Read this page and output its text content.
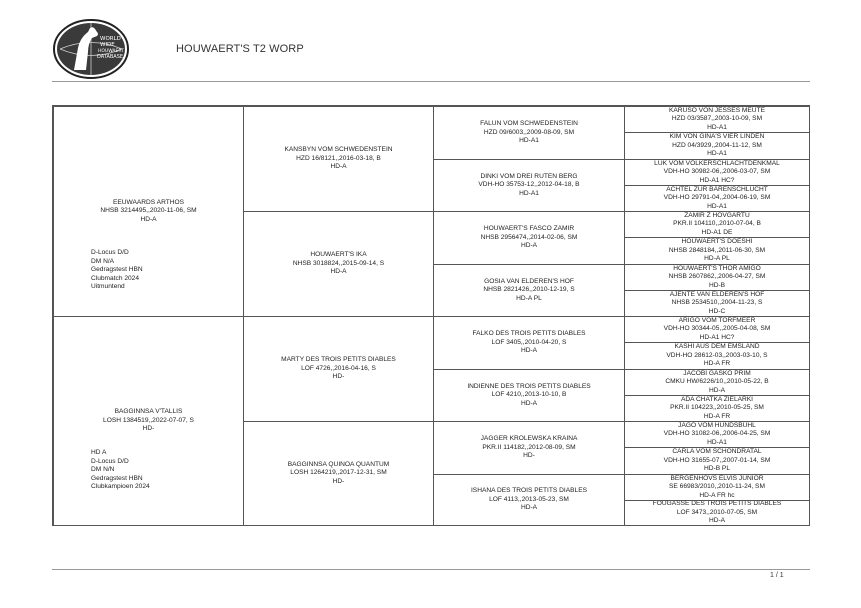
WORLD
WIDE
HOUWAERT
DATABASE
HOUWAERT'S T2 WORP
EEUWAARDS ARTHOS
NHSB 3214495,,2020-11-06, SM
HD-A
D-Locus D/D
DM N/A
Gedragstest HBN
Clubmatch 2024
Uitmuntend
BAGGINNSA V'TALLIS
LOSH 1384519,,2022-07-07, S
HD-
HD A
D-Locus D/D
DM N/N
Gedragstest HBN
Clubkampioen 2024
KANSBYN VOM SCHWEDENSTEIN
HZD 16/8121,,2016-03-18, B
HD-A
HOUWAERT'S IKA
NHSB 3018824,,2015-09-14, S
HD-A
MARTY DES TROIS PETITS DIABLES
LOF 4726,,2016-04-16, S
HD-
BAGGINNSA QUINOA QUANTUM
LOSH 1264219,,2017-12-31, SM
HD-
FALUN VOM SCHWEDENSTEIN
HZD 09/6003,,2009-08-09, SM
HD-A1
DINKI VOM DREI RUTEN BERG
VDH-HO 35753-12,,2012-04-18, B
HD-A1
HOUWAERT'S FASCO ZAMIR
NHSB 2956474,,2014-02-06, SM
HD-A
GOSIA VAN ELDEREN'S HOF
NHSB 2821426,,2010-12-19, S
HD-A PL
FALKO DES TROIS PETITS DIABLES
LOF 3405,,2010-04-20, S
HD-A
INDIENNE DES TROIS PETITS DIABLES
LOF 4210,,2013-10-10, B
HD-A
JAGGER KROLEWSKA KRAINA
PKR.II 114182,,2012-08-09, SM
HD-
ISHANA DES TROIS PETITS DIABLES
LOF 4113,,2013-05-23, SM
HD-A
KARUSO VON JESSES MEUTE
HZD 03/3587,,2003-10-09, SM
HD-A1
KIM VON GINA'S VIER LINDEN
HZD 04/3929,,2004-11-12, SM
HD-A1
LUK VOM VÖLKERSCHLACHTDENKMAL
VDH-HO 30982-06,,2006-03-07, SM
HD-A1 HC?
ACHTEL ZUR BÄRENSCHLUCHT
VDH-HO 29791-04,,2004-06-19, SM
HD-A1
ZAMIR Z HOVGARTU
PKR.II 104110,,2010-07-04, B
HD-A1 DE
HOUWAERT'S DOESHI
NHSB 2848184,,2011-06-30, SM
HD-A PL
HOUWAERT'S THOR AMIGO
NHSB 2607862,,2006-04-27, SM
HD-B
AJENTE VAN ELDEREN'S HOF
NHSB 2534510,,2004-11-23, S
HD-C
ARIGO VOM TORFMEER
VDH-HO 30344-05,,2005-04-08, SM
HD-A1 HC?
KASHI AUS DEM EMSLAND
VDH-HO 28612-03,,2003-03-10, S
HD-A FR
JACOBI GASKO PRIM
CMKU HW/6226/10,,2010-05-22, B
HD-A
ADA CHATKA ZIELARKI
PKR.II 104223,,2010-05-25, SM
HD-A FR
JAGO VOM HUNDSBÜHL
VDH-HO 31082-06,,2006-04-25, SM
HD-A1
CARLA VOM SCHONDRATAL
VDH-HO 31655-07,,2007-01-14, SM
HD-B PL
BERGENHOVS ELVIS JUNIOR
SE 66983/2010,,2010-11-24, SM
HD-A FR hc
FOUGASSE DES TROIS PETITS DIABLES
LOF 3473,,2010-07-05, SM
HD-A
1 / 1
